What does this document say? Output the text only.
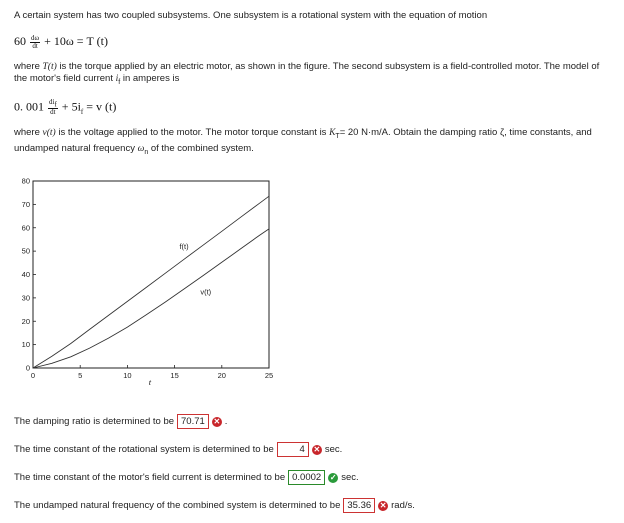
A certain system has two coupled subsystems. One subsystem is a rotational system with the equation of motion
$60 \frac{d\omega}{dt} + 10\omega = T$ (t)
where T(t) is the torque applied by an electric motor, as shown in the figure. The second subsystem is a field-controlled motor. The model of the motor's field current $i_f$ in amperes is
0. $001 \frac{di_f}{dt} + 5i_f = v$ (t)
where v(t) is the voltage applied to the motor. The motor torque constant is $K_T= 20$ N·m/A. Obtain the damping ratio ζ, time constants, and undamped natural frequency $\omega_n$ of the combined system.
0	5	10	15	20	25
0
10
20
30
40
50
60
70
80
f(t)
v(t)
t
The damping ratio is determined to be 70.71	✕ .
The time constant of the rotational system is determined to be	4	✕ sec.
The time constant of the motor's field current is determined to be 0.0002	✓ sec.
The undamped natural frequency of the combined system is determined to be 35.36	✕ rad/s.
